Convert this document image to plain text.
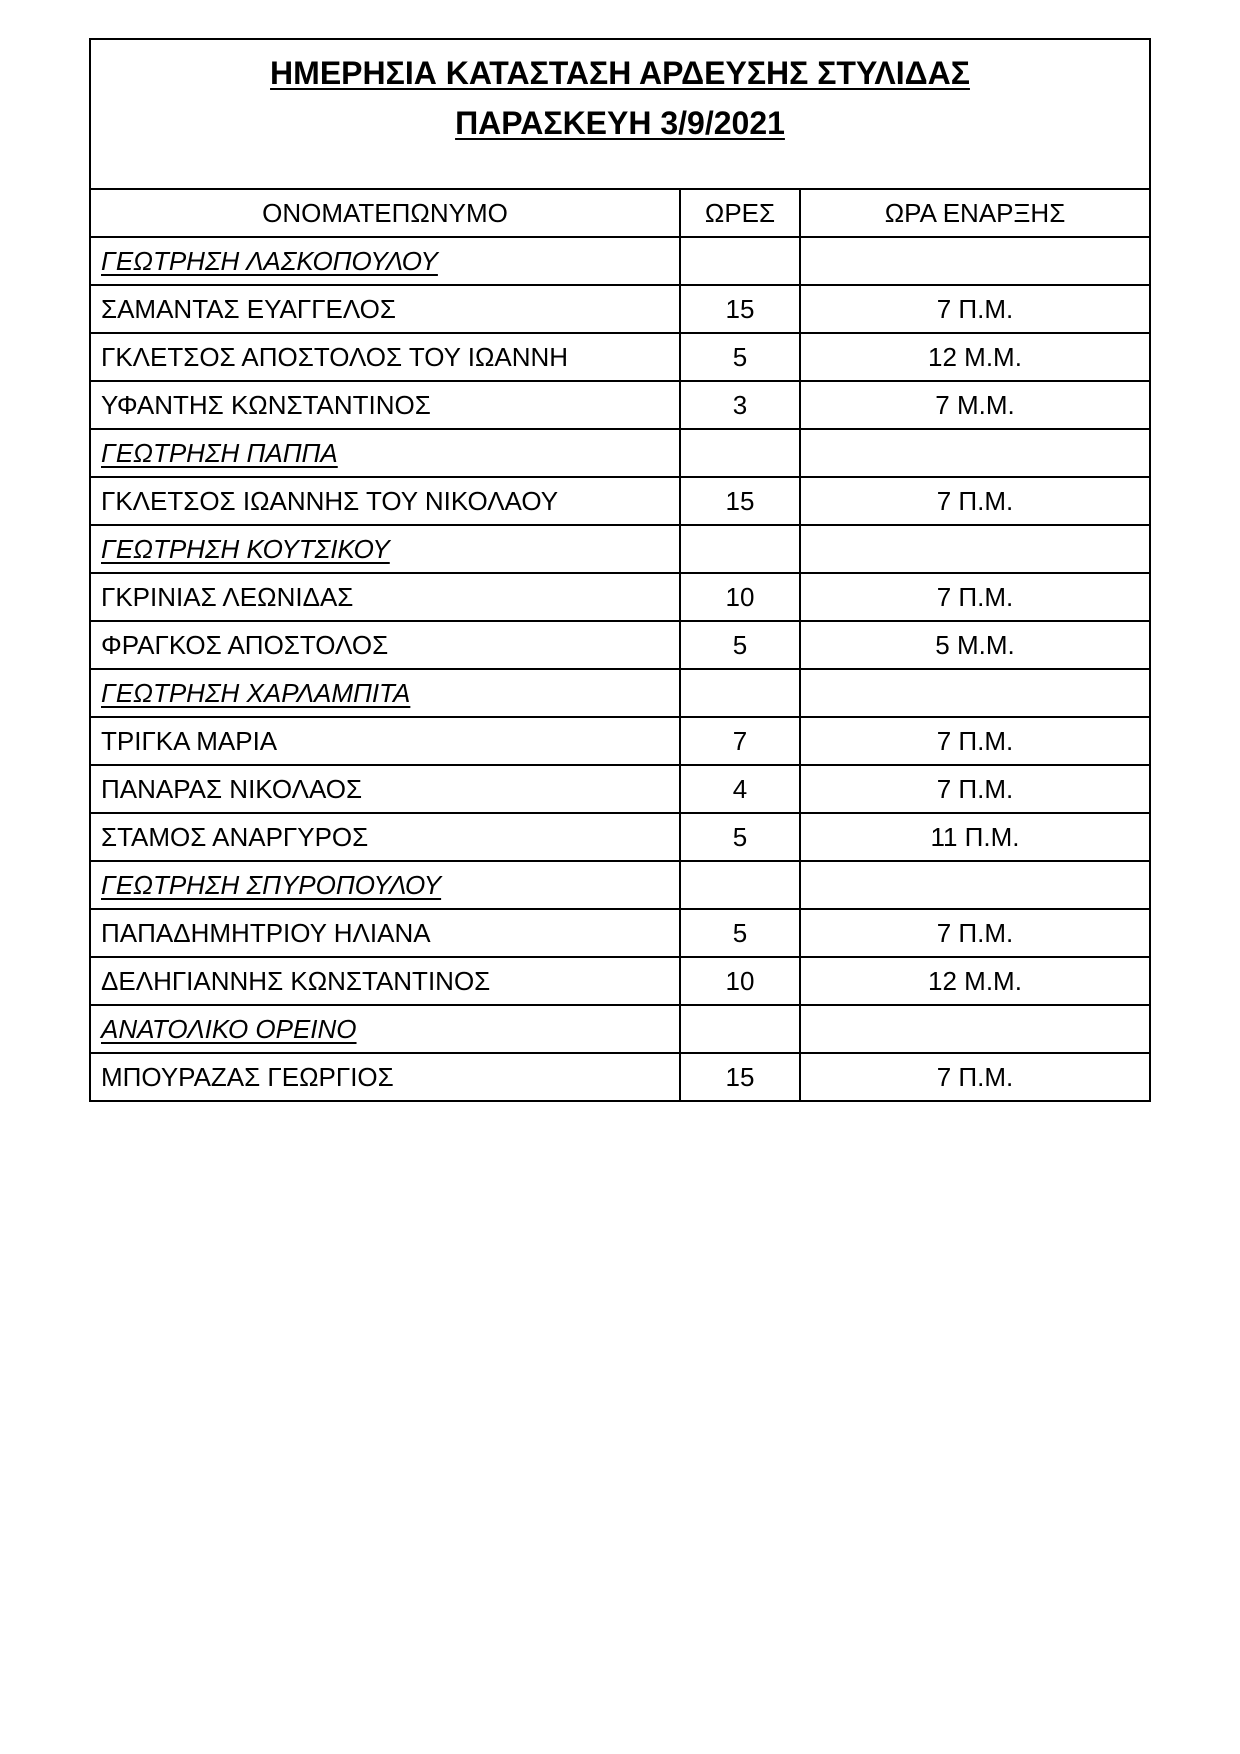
ΗΜΕΡΗΣΙΑ ΚΑΤΑΣΤΑΣΗ ΑΡΔΕΥΣΗΣ ΣΤΥΛΙΔΑΣ
ΠΑΡΑΣΚΕΥΗ 3/9/2021		

ΟΝΟΜΑΤΕΠΩΝΥΜΟ	ΩΡΕΣ	ΩΡΑ ΕΝΑΡΞΗΣ
ΓΕΩΤΡΗΣΗ ΛΑΣΚΟΠΟΥΛΟΥ		
ΣΑΜΑΝΤΑΣ ΕΥΑΓΓΕΛΟΣ	15	7 Π.Μ.
ΓΚΛΕΤΣΟΣ ΑΠΟΣΤΟΛΟΣ ΤΟΥ ΙΩΑΝΝΗ	5	12 Μ.Μ.
ΥΦΑΝΤΗΣ ΚΩΝΣΤΑΝΤΙΝΟΣ	3	7 Μ.Μ.
ΓΕΩΤΡΗΣΗ ΠΑΠΠΑ		
ΓΚΛΕΤΣΟΣ ΙΩΑΝΝΗΣ ΤΟΥ ΝΙΚΟΛΑΟΥ	15	7 Π.Μ.
ΓΕΩΤΡΗΣΗ ΚΟΥΤΣΙΚΟΥ		
ΓΚΡΙΝΙΑΣ ΛΕΩΝΙΔΑΣ	10	7 Π.Μ.
ΦΡΑΓΚΟΣ ΑΠΟΣΤΟΛΟΣ	5	5 Μ.Μ.
ΓΕΩΤΡΗΣΗ ΧΑΡΛΑΜΠΙΤΑ		
ΤΡΙΓΚΑ ΜΑΡΙΑ	7	7 Π.Μ.
ΠΑΝΑΡΑΣ ΝΙΚΟΛΑΟΣ	4	7 Π.Μ.
ΣΤΑΜΟΣ ΑΝΑΡΓΥΡΟΣ	5	11 Π.Μ.
ΓΕΩΤΡΗΣΗ ΣΠΥΡΟΠΟΥΛΟΥ		
ΠΑΠΑΔΗΜΗΤΡΙΟΥ ΗΛΙΑΝΑ	5	7 Π.Μ.
ΔΕΛΗΓΙΑΝΝΗΣ ΚΩΝΣΤΑΝΤΙΝΟΣ	10	12 Μ.Μ.
ΑΝΑΤΟΛΙΚΟ ΟΡΕΙΝΟ		
ΜΠΟΥΡΑΖΑΣ ΓΕΩΡΓΙΟΣ	15	7 Π.Μ.
